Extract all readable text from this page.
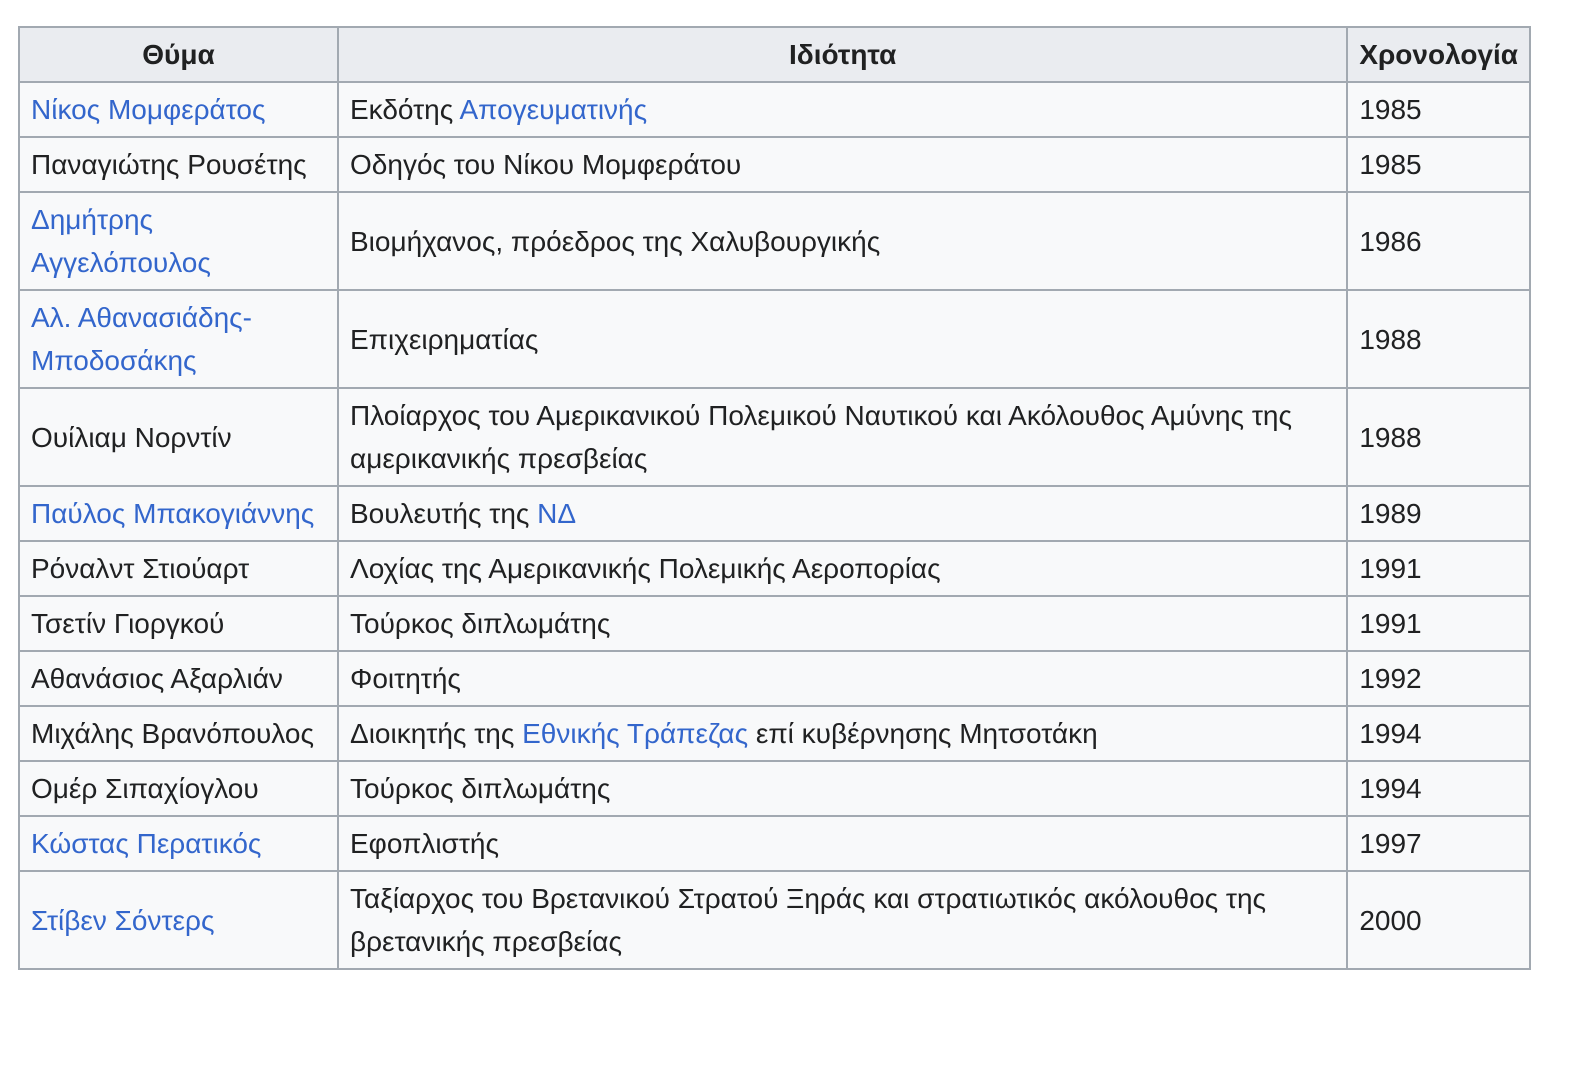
Θύμα	Ιδιότητα	Χρονολογία
Νίκος Μομφεράτος	Εκδότης Απογευματινής	1985
Παναγιώτης Ρουσέτης	Οδηγός του Νίκου Μομφεράτου	1985
Δημήτρης Αγγελόπουλος	Βιομήχανος, πρόεδρος της Χαλυβουργικής	1986
Αλ. Αθανασιάδης-Μποδοσάκης	Επιχειρηματίας	1988
Ουίλιαμ Νορντίν	Πλοίαρχος του Αμερικανικού Πολεμικού Ναυτικού και Ακόλουθος Αμύνης της αμερικανικής πρεσβείας	1988
Παύλος Μπακογιάννης	Βουλευτής της ΝΔ	1989
Ρόναλντ Στιούαρτ	Λοχίας της Αμερικανικής Πολεμικής Αεροπορίας	1991
Τσετίν Γιοργκού	Τούρκος διπλωμάτης	1991
Αθανάσιος Αξαρλιάν	Φοιτητής	1992
Μιχάλης Βρανόπουλος	Διοικητής της Εθνικής Τράπεζας επί κυβέρνησης Μητσοτάκη	1994
Ομέρ Σιπαχίογλου	Τούρκος διπλωμάτης	1994
Κώστας Περατικός	Εφοπλιστής	1997
Στίβεν Σόντερς	Ταξίαρχος του Βρετανικού Στρατού Ξηράς και στρατιωτικός ακόλουθος της βρετανικής πρεσβείας	2000
